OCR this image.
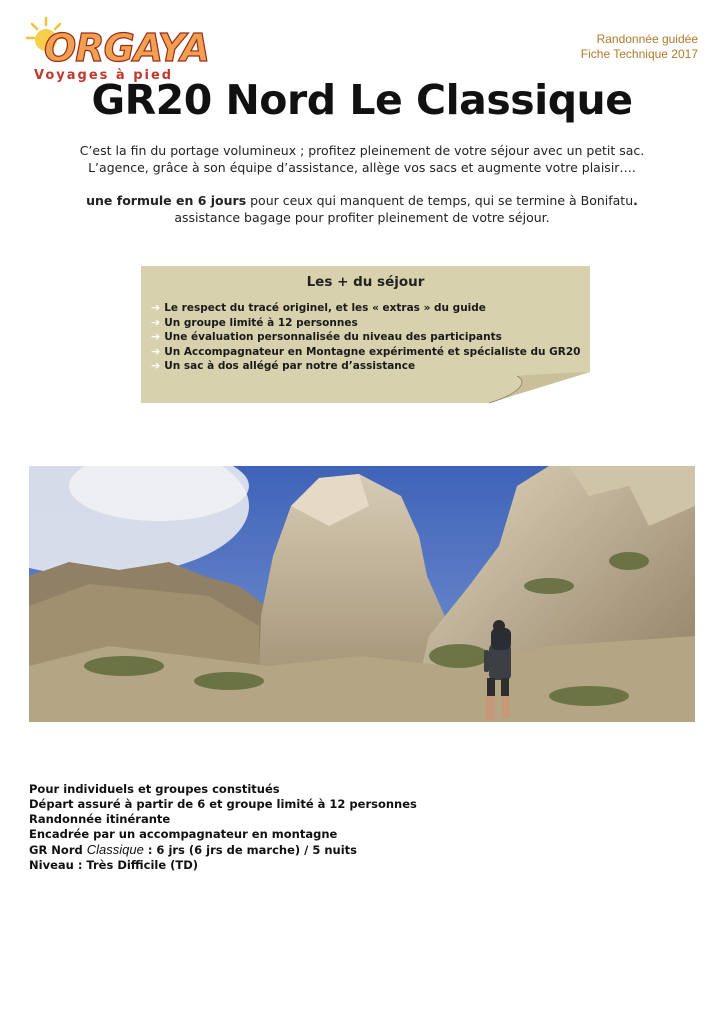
ORGAYA
Voyages à pied
Randonnée guidée
Fiche Technique 2017
GR20 Nord Le Classique

C’est la fin du portage volumineux ; profitez pleinement de votre séjour avec un petit sac.

L’agence, grâce à son équipe d’assistance, allège vos sacs et augmente votre plaisir….

une formule en 6 jours pour ceux qui manquent de temps, qui se termine à Bonifatu.

assistance bagage pour profiter pleinement de votre séjour.

Les + du séjour
➔ Le respect du tracé originel, et les « extras » du guide
➔ Un groupe limité à 12 personnes
➔ Une évaluation personnalisée du niveau des participants
➔ Un Accompagnateur en Montagne expérimenté et spécialiste du GR20
➔ Un sac à dos allégé par notre d’assistance
Pour individuels et groupes constitués
Départ assuré à partir de 6 et groupe limité à 12 personnes
Randonnée itinérante
Encadrée par un accompagnateur en montagne
GR Nord Classique : 6 jrs (6 jrs de marche) / 5 nuits
Niveau : Très Difficile (TD)
